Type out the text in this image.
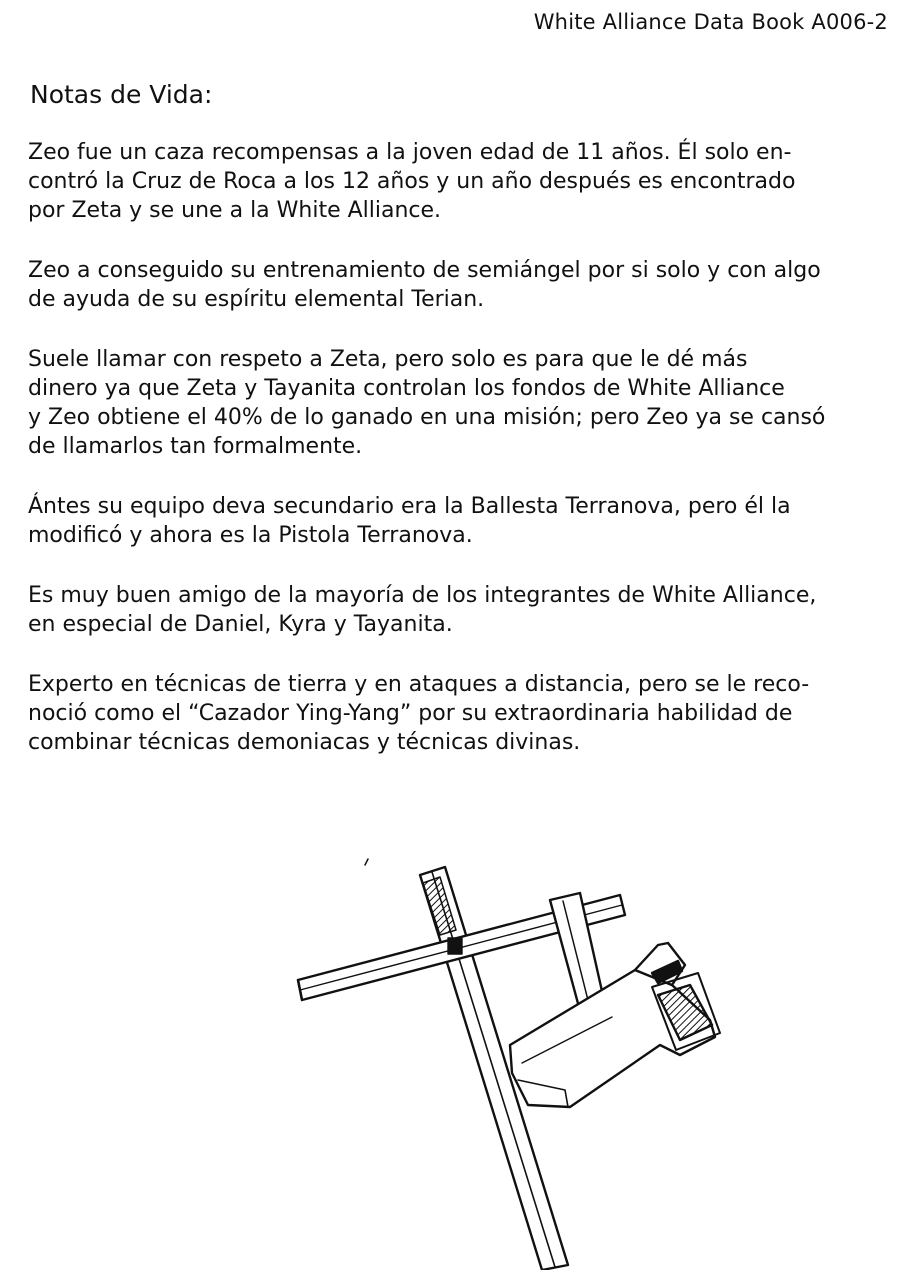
White Alliance Data Book A006-2
Notas de Vida:

Zeo fue un caza recompensas a la joven edad de 11 años. Él solo en-
contró la Cruz de Roca a los 12 años y un año después es encontrado
por Zeta y se une a la White Alliance.

Zeo a conseguido su entrenamiento de semiángel por si solo y con algo
de ayuda de su espíritu elemental Terian.

Suele llamar con respeto a Zeta, pero solo es para que le dé más
dinero ya que Zeta y Tayanita controlan los fondos de White Alliance
y Zeo obtiene el 40% de lo ganado en una misión; pero Zeo ya se cansó
de llamarlos tan formalmente.

Ántes su equipo deva secundario era la Ballesta Terranova, pero él la
modificó y ahora es la Pistola Terranova.

Es muy buen amigo de la mayoría de los integrantes de White Alliance,
en especial de Daniel, Kyra y Tayanita.

Experto en técnicas de tierra y en ataques a distancia, pero se le reco-
noció como el “Cazador Ying-Yang” por su extraordinaria habilidad de
combinar técnicas demoniacas y técnicas divinas.
